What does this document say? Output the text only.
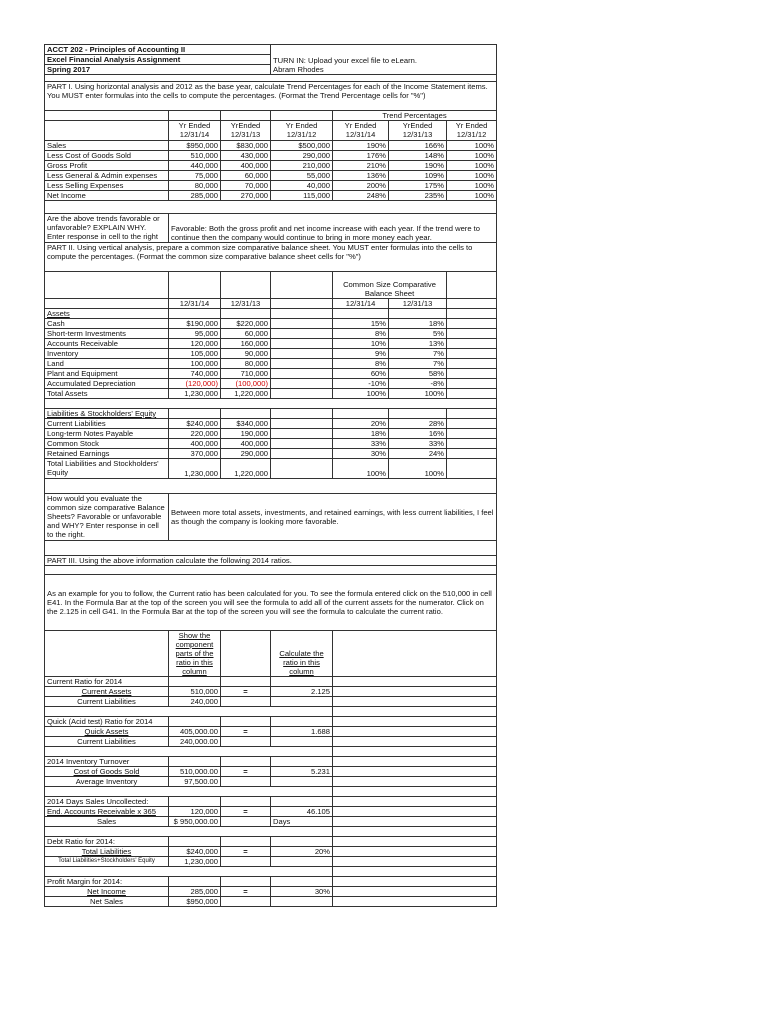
ACCT 202 - Principles of Accounting II			TURN IN: Upload your excel file to eLearn.
Abram Rhodes			

Excel Financial Analysis Assignment						
Spring 2017						

PART I. Using horizontal analysis and 2012 as the base year, calculate Trend Percentages for each of the Income Statement items. You MUST enter formulas into the cells to compute the percentages. (Format the Trend Percentage cells for "%")						
				Trend Percentages		
	Yr Ended 12/31/14	YrEnded 12/31/13	Yr Ended 12/31/12	Yr Ended 12/31/14	YrEnded 12/31/13	Yr Ended 12/31/12
Sales	$950,000	$830,000	$500,000	190%	166%	100%
Less Cost of Goods Sold	510,000	430,000	290,000	176%	148%	100%
Gross Profit	440,000	400,000	210,000	210%	190%	100%
Less General & Admin expenses	75,000	60,000	55,000	136%	109%	100%
Less Selling Expenses	80,000	70,000	40,000	200%	175%	100%
Net Income	285,000	270,000	115,000	248%	235%	100%

Are the above trends favorable or unfavorable? EXPLAIN WHY. Enter response in cell to the right	Favorable: Both the gross profit and net income increase with each year. If the trend were to continue then the company would continue to bring in more money each year.					
PART II. Using vertical analysis, prepare a common size comparative balance sheet. You MUST enter formulas into the cells to compute the percentages. (Format the common size comparative balance sheet cells for "%")						
				Common Size Comparative Balance Sheet		
	12/31/14	12/31/13		12/31/14	12/31/13	
Assets						
Cash	$190,000	$220,000		15%	18%	
Short-term Investments	95,000	60,000		8%	5%	
Accounts Receivable	120,000	160,000		10%	13%	
Inventory	105,000	90,000		9%	7%	
Land	100,000	80,000		8%	7%	
Plant and Equipment	740,000	710,000		60%	58%	
Accumulated Depreciation	(120,000)	(100,000)		-10%	-8%	
Total Assets	1,230,000	1,220,000		100%	100%	

Liabilities & Stockholders' Equity						
Current Liabilities	$240,000	$340,000		20%	28%	
Long-term Notes Payable	220,000	190,000		18%	16%	
Common Stock	400,000	400,000		33%	33%	
Retained Earnings	370,000	290,000		30%	24%	
Total Liabilities and Stockholders' Equity	1,230,000	1,220,000		100%	100%	

How would you evaluate the common size comparative Balance Sheets? Favorable or unfavorable and WHY? Enter response in cell to the right.	Between more total assets, investments, and retained earnings, with less current liabilities, I feel as though the company is looking more favorable.					

PART III. Using the above information calculate the following 2014 ratios.						

As an example for you to follow, the Current ratio has been calculated for you. To see the formula entered click on the 510,000 in cell E41. In the Formula Bar at the top of the screen you will see the formula to add all of the current assets for the numerator. Click on the 2.125 in cell G41. In the Formula Bar at the top of the screen you will see the formula to calculate the current ratio.						
	Show the component parts of the ratio in this column		Calculate the ratio in this column			
Current Ratio for 2014						
Current Assets	510,000	=	2.125			
Current Liabilities	240,000					

Quick (Acid test) Ratio for 2014						
Quick Assets	405,000.00	=	1.688			
Current Liabilities	240,000.00					

2014 Inventory Turnover						
Cost of Goods Sold	510,000.00	=	5.231			
Average Inventory	97,500.00					

2014 Days Sales Uncollected:						
End. Accounts Receivable x 365	120,000	=	46.105			
Sales	$ 950,000.00		Days			

Debt Ratio for 2014:						
Total Liabilities	$240,000	=	20%			
Total Liabilities+Stockholders' Equity	1,230,000					

Profit Margin for 2014:						
Net Income	285,000	=	30%			
Net Sales	$950,000					
